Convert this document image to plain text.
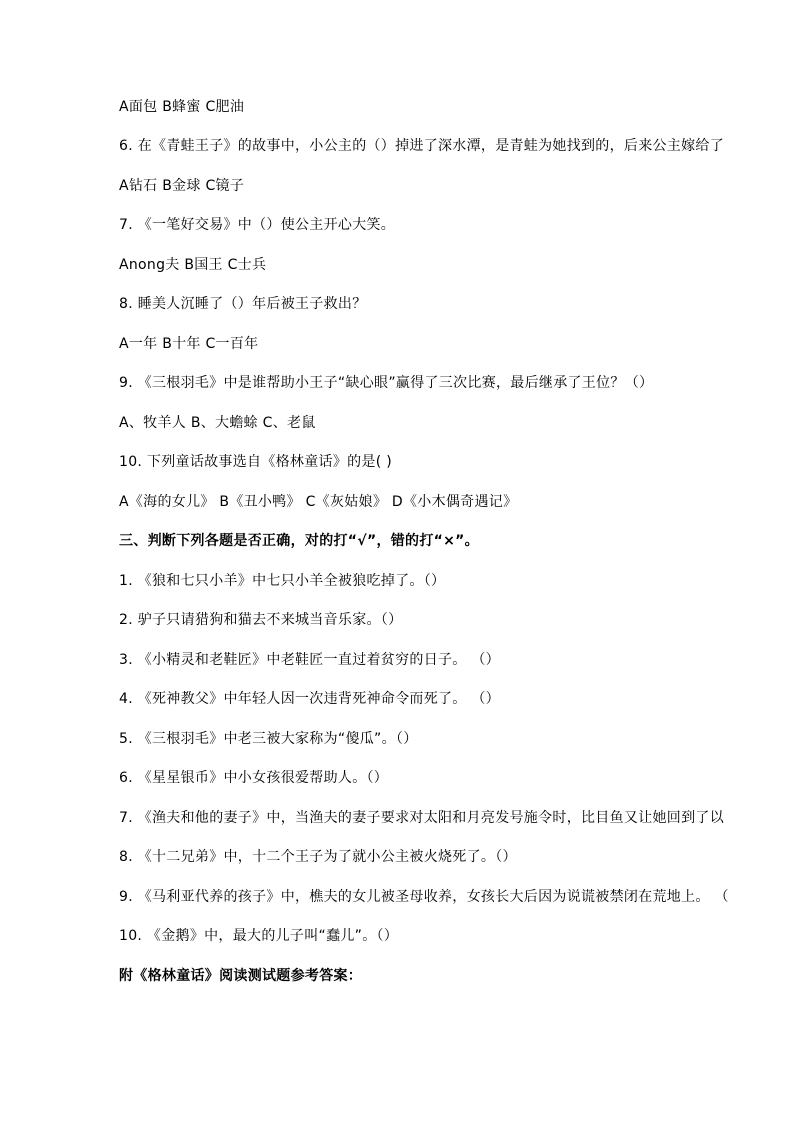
A面包 B蜂蜜 C肥油
6. 在《青蛙王子》的故事中，小公主的（）掉进了深水潭，是青蛙为她找到的，后来公主嫁给了
A钻石 B金球 C镜子
7. 《一笔好交易》中（）使公主开心大笑。
Anong夫 B国王 C士兵
8. 睡美人沉睡了（）年后被王子救出？
A一年 B十年 C一百年
9. 《三根羽毛》中是谁帮助小王子“缺心眼”赢得了三次比赛，最后继承了王位？（）
A、牧羊人 B、大蟾蜍 C、老鼠
10. 下列童话故事选自《格林童话》的是( )
A《海的女儿》 B《丑小鸭》 C《灰姑娘》 D《小木偶奇遇记》
三、判断下列各题是否正确，对的打“√”，错的打“×”。
1. 《狼和七只小羊》中七只小羊全被狼吃掉了。（）
2. 驴子只请猎狗和猫去不来城当音乐家。（）
3. 《小精灵和老鞋匠》中老鞋匠一直过着贫穷的日子。 （）
4. 《死神教父》中年轻人因一次违背死神命令而死了。 （）
5. 《三根羽毛》中老三被大家称为“傻瓜”。（）
6. 《星星银币》中小女孩很爱帮助人。（）
7. 《渔夫和他的妻子》中，当渔夫的妻子要求对太阳和月亮发号施令时，比目鱼又让她回到了以
8. 《十二兄弟》中，十二个王子为了就小公主被火烧死了。（）
9. 《马利亚代养的孩子》中，樵夫的女儿被圣母收养，女孩长大后因为说谎被禁闭在荒地上。 （
10. 《金鹅》中，最大的儿子叫“蠢儿”。（）
附《格林童话》阅读测试题参考答案：
